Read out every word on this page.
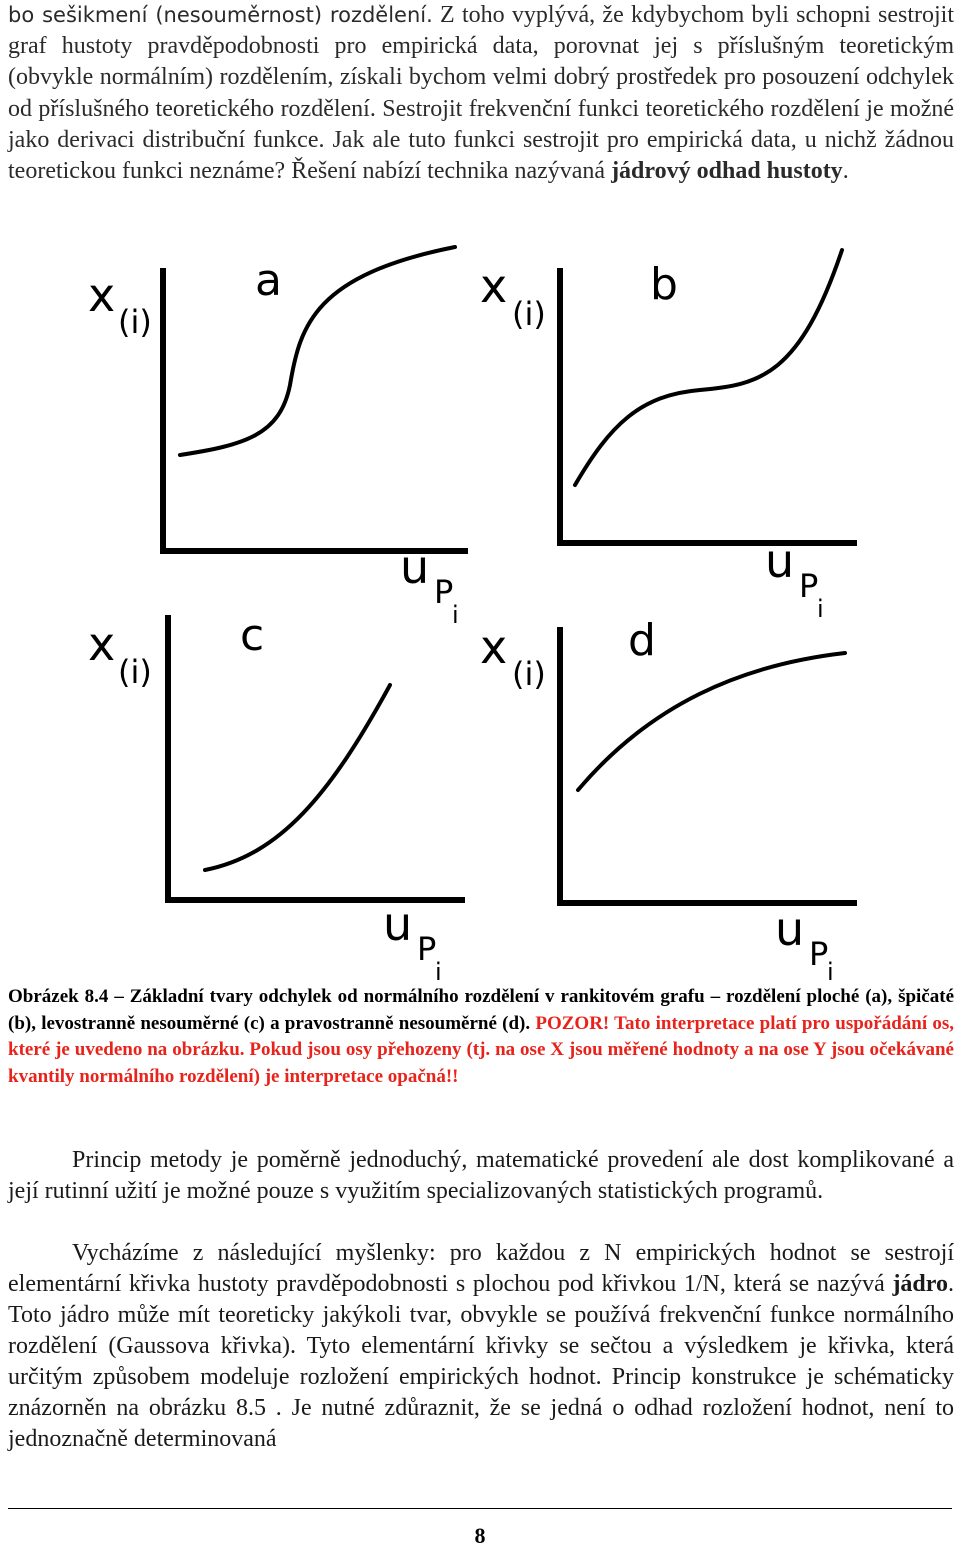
bo sešikmení (nesouměrnost) rozdělení. Z toho vyplývá, že kdybychom byli schopni sestrojit graf hustoty pravděpodobnosti pro empirická data, porovnat jej s příslušným teoretickým (obvykle normálním) rozdělením, získali bychom velmi dobrý prostředek pro posouzení odchylek od příslušného teoretického rozdělení. Sestrojit frekvenční funkci teoretického rozdělení je možné jako derivaci distribuční funkce. Jak ale tuto funkci sestrojit pro empirická data, u nichž žádnou teoretickou funkci neznáme? Řešení nabízí technika nazývaná jádrový odhad hustoty.

x (i)
a
u P
i
x
(i)
b
u P
i
x
(i)
c
u P
i
x (i)
d
u P
i

Obrázek 8.4 – Základní tvary odchylek od normálního rozdělení v rankitovém grafu – rozdělení ploché (a), špičaté (b), levostranně nesouměrné (c) a pravostranně nesouměrné (d). POZOR! Tato interpretace platí pro uspořádání os, které je uvedeno na obrázku. Pokud jsou osy přehozeny (tj. na ose X jsou měřené hodnoty a na ose Y jsou očekávané kvantily normálního rozdělení) je interpretace opačná!!

Princip metody je poměrně jednoduchý, matematické provedení ale dost komplikované a její rutinní užití je možné pouze s využitím specializovaných statistických programů.

Vycházíme z následující myšlenky: pro každou z N empirických hodnot se sestrojí elementární křivka hustoty pravděpodobnosti s plochou pod křivkou 1/N, která se nazývá jádro. Toto jádro může mít teoreticky jakýkoli tvar, obvykle se používá frekvenční funkce normálního rozdělení (Gaussova křivka). Tyto elementární křivky se sečtou a výsledkem je křivka, která určitým způsobem modeluje rozložení empirických hodnot. Princip konstrukce je schématicky znázorněn na obrázku 8.5 . Je nutné zdůraznit, že se jedná o odhad rozložení hodnot, není to jednoznačně determinovaná

8
